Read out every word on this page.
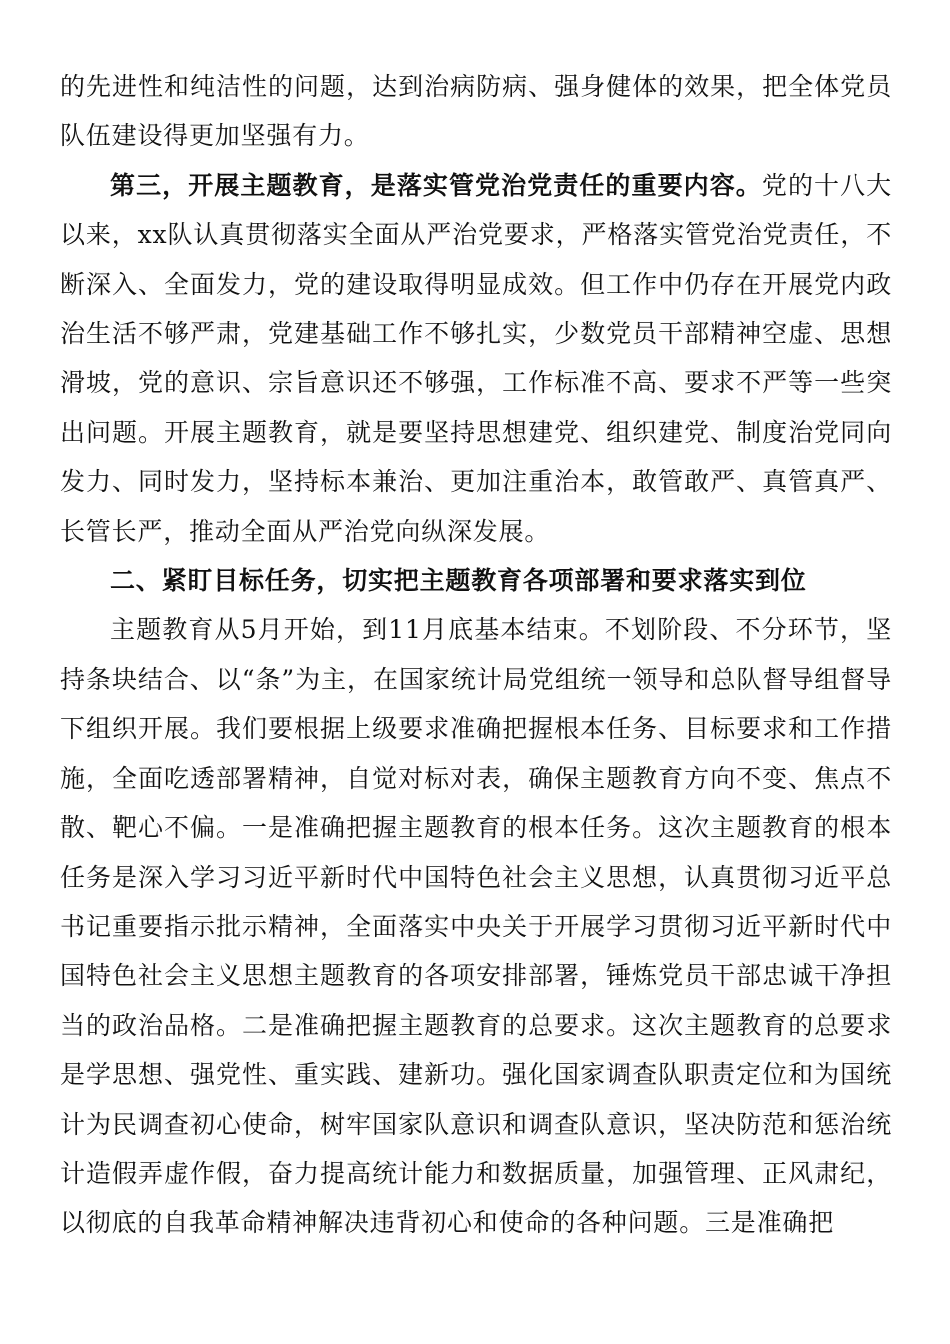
的先进性和纯洁性的问题，达到治病防病、强身健体的效果，把全体党员队伍建设得更加坚强有力。

第三，开展主题教育，是落实管党治党责任的重要内容。党的十八大以来，xx队认真贯彻落实全面从严治党要求，严格落实管党治党责任，不断深入、全面发力，党的建设取得明显成效。但工作中仍存在开展党内政治生活不够严肃，党建基础工作不够扎实，少数党员干部精神空虚、思想滑坡，党的意识、宗旨意识还不够强，工作标准不高、要求不严等一些突出问题。开展主题教育，就是要坚持思想建党、组织建党、制度治党同向发力、同时发力，坚持标本兼治、更加注重治本，敢管敢严、真管真严、长管长严，推动全面从严治党向纵深发展。

二、紧盯目标任务，切实把主题教育各项部署和要求落实到位

主题教育从5月开始，到11月底基本结束。不划阶段、不分环节，坚持条块结合、以“条”为主，在国家统计局党组统一领导和总队督导组督导下组织开展。我们要根据上级要求准确把握根本任务、目标要求和工作措施，全面吃透部署精神，自觉对标对表，确保主题教育方向不变、焦点不散、靶心不偏。一是准确把握主题教育的根本任务。这次主题教育的根本任务是深入学习习近平新时代中国特色社会主义思想，认真贯彻习近平总书记重要指示批示精神，全面落实中央关于开展学习贯彻习近平新时代中国特色社会主义思想主题教育的各项安排部署，锤炼党员干部忠诚干净担当的政治品格。二是准确把握主题教育的总要求。这次主题教育的总要求是学思想、强党性、重实践、建新功。强化国家调查队职责定位和为国统计为民调查初心使命，树牢国家队意识和调查队意识，坚决防范和惩治统计造假弄虚作假，奋力提高统计能力和数据质量，加强管理、正风肃纪，以彻底的自我革命精神解决违背初心和使命的各种问题。三是准确把
